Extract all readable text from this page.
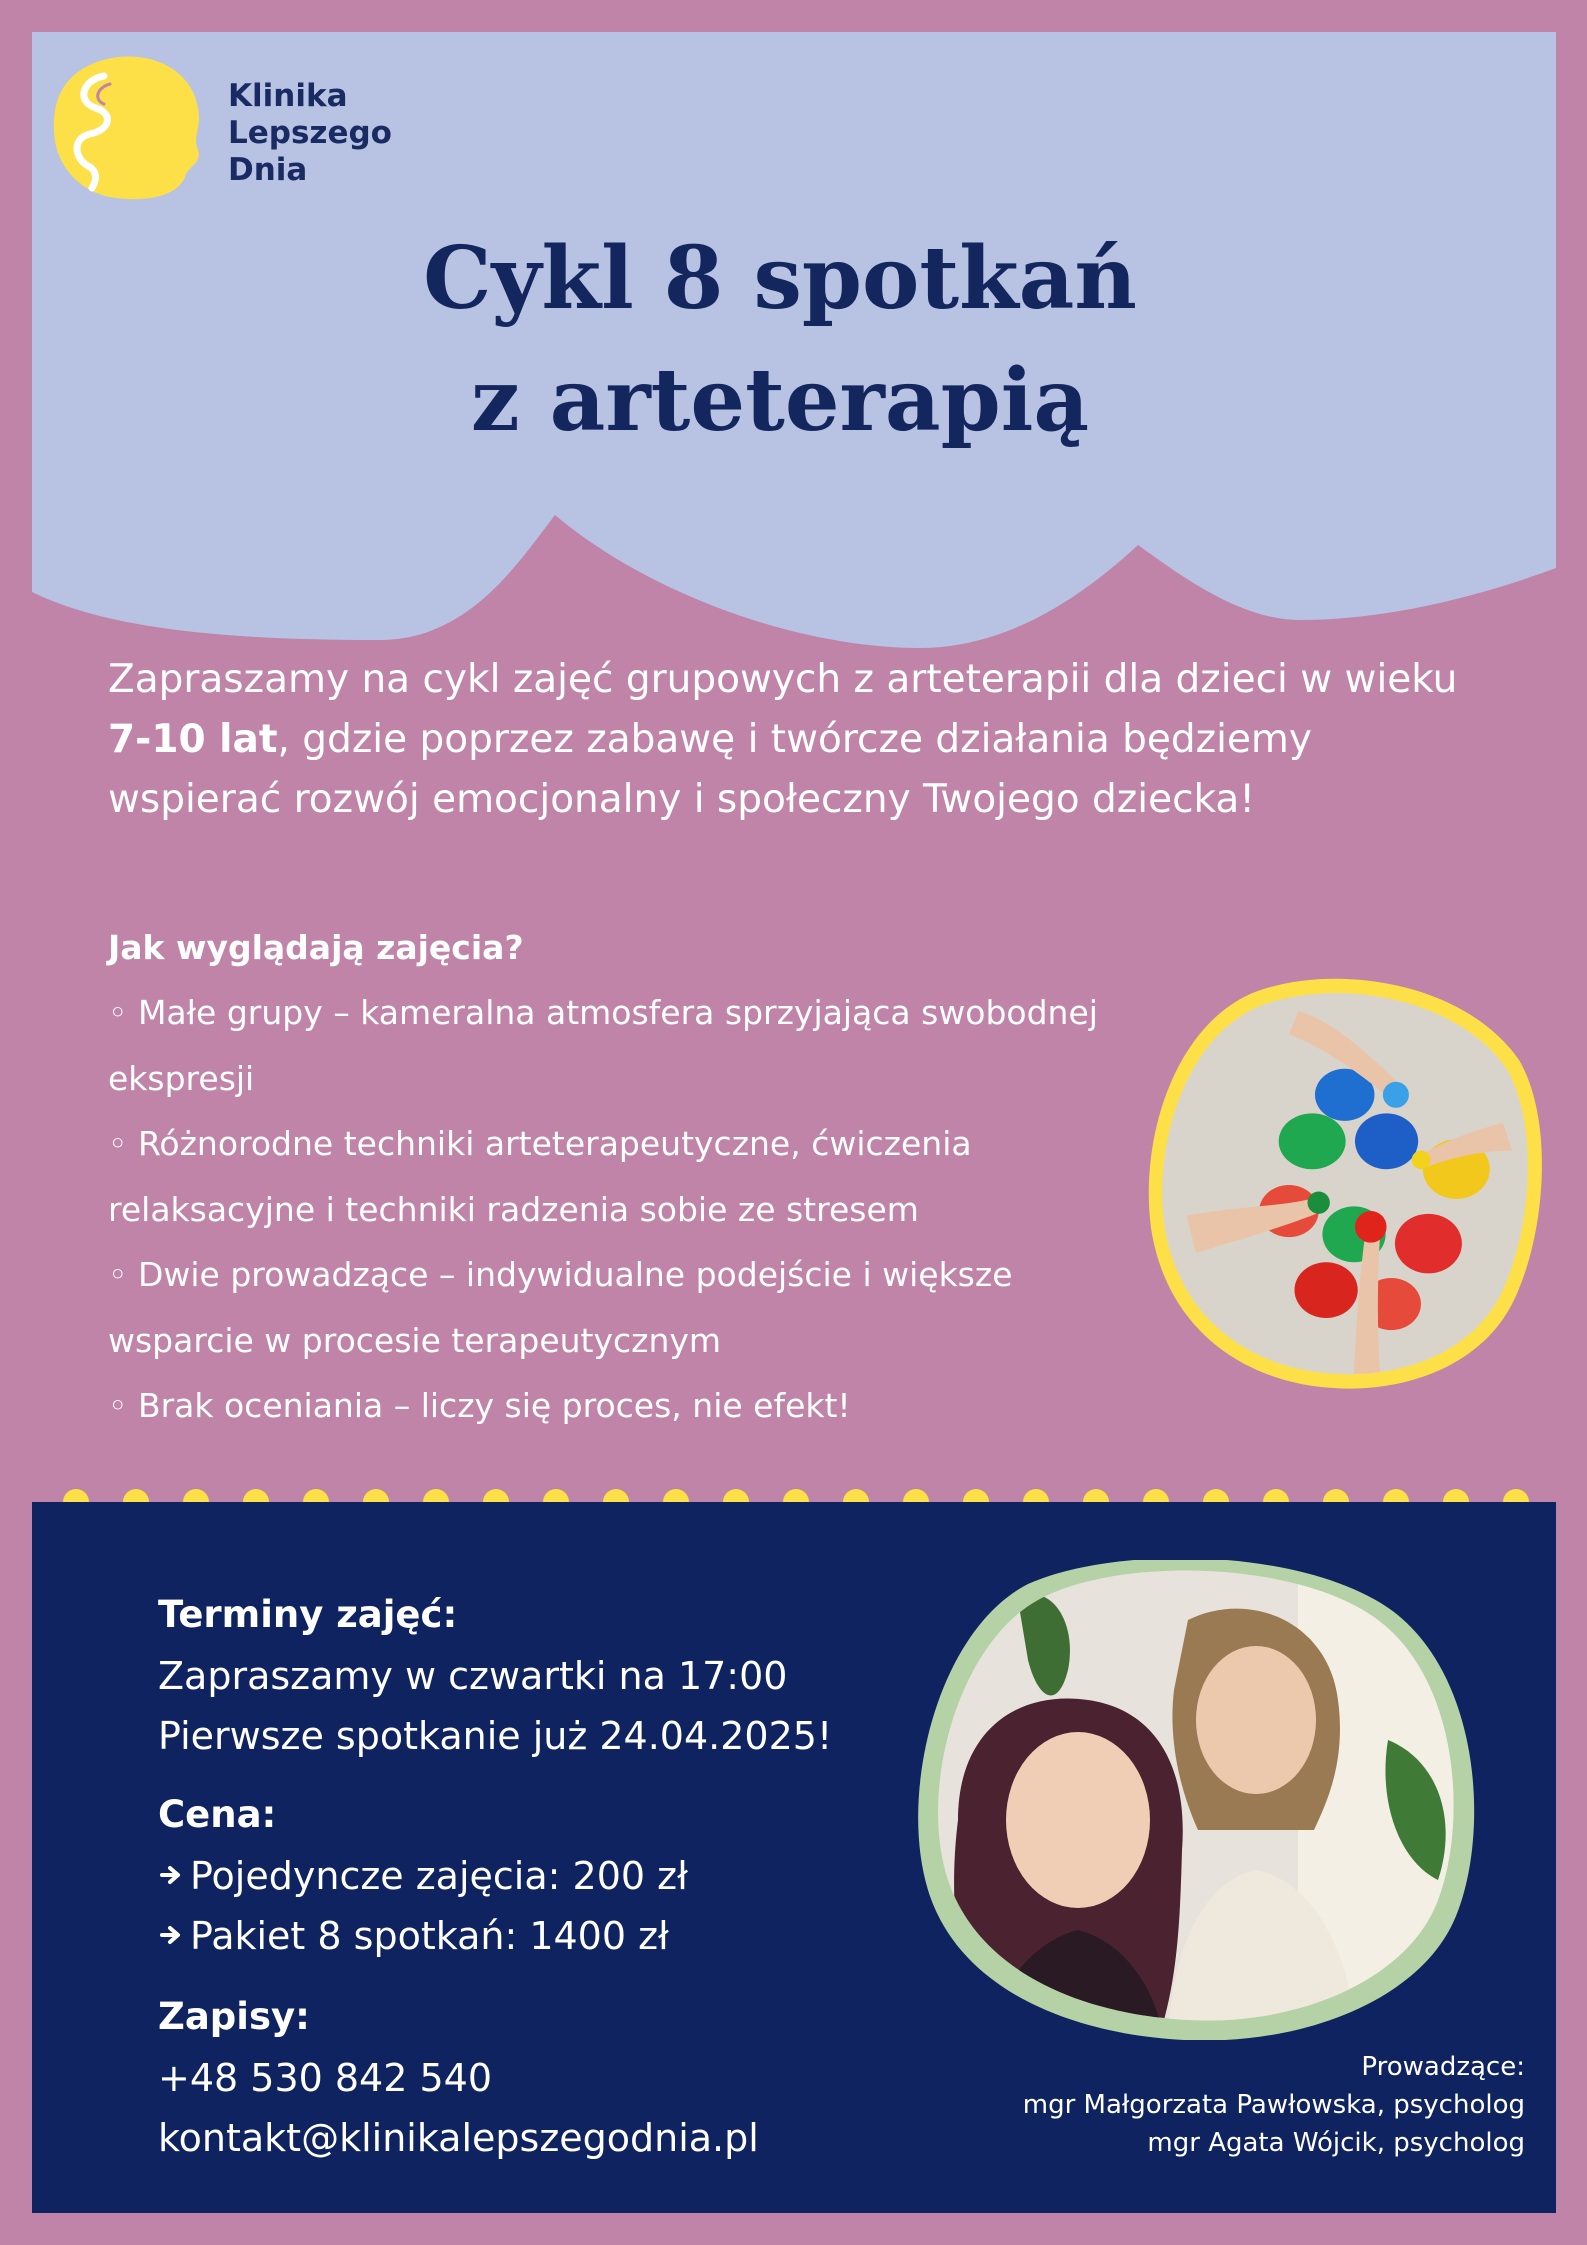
Klinika
Lepszego
Dnia
Cykl 8 spotkań
z arteterapią
Zapraszamy na cykl zajęć grupowych z arteterapii dla dzieci w wieku 7-10 lat, gdzie poprzez zabawę i twórcze działania będziemy wspierać rozwój emocjonalny i społeczny Twojego dziecka!
Jak wyglądają zajęcia?
◦ Małe grupy – kameralna atmosfera sprzyjająca swobodnej ekspresji
◦ Różnorodne techniki arteterapeutyczne, ćwiczenia relaksacyjne i techniki radzenia sobie ze stresem
◦ Dwie prowadzące – indywidualne podejście i większe wsparcie w procesie terapeutycznym
◦ Brak oceniania – liczy się proces, nie efekt!
Terminy zajęć:
Zapraszamy w czwartki na 17:00
Pierwsze spotkanie już 24.04.2025!
Cena:
Pojedyncze zajęcia: 200 zł
Pakiet 8 spotkań: 1400 zł
Zapisy:
+48 530 842 540
kontakt@klinikalepszegodnia.pl
Prowadzące:
mgr Małgorzata Pawłowska, psycholog
mgr Agata Wójcik, psycholog
